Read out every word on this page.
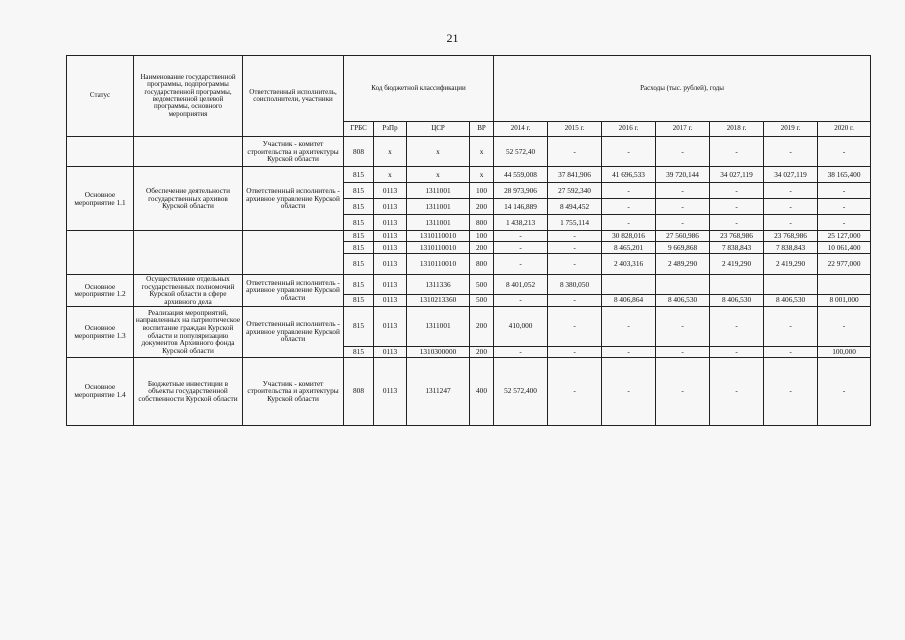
21
Статус	Наименование государственной программы, подпрограммы государственной программы, ведомственной целевой программы, основного мероприятия	Ответственный исполнитель, соисполнители, участники	Код бюджетной классификации				Расходы (тыс. рублей), годы						
			ГРБС	РзПр	ЦСР	ВР	2014 г.	2015 г.	2016 г.	2017 г.	2018 г.	2019 г.	2020 г.
		Участник - комитет строительства и архитектуры Курской области	808	х	х	х	52 572,40	-	-	-	-	-	-
Основное мероприятие 1.1	Обеспечение деятельности государственных архивов Курской области	Ответственный исполнитель - архивное управление Курской области	815	х	х	х	44 559,008	37 841,906	41 696,533	39 720,144	34 027,119	34 027,119	38 165,400
			815	0113	1311001	100	28 973,906	27 592,340	-	-	-	-	-
			815	0113	1311001	200	14 146,889	8 494,452	-	-	-	-	-
			815	0113	1311001	800	1 438,213	1 755,114	-	-	-	-	-
			815	0113	1310110010	100	-	-	30 828,016	27 560,986	23 768,986	23 768,986	25 127,000
			815	0113	1310110010	200	-	-	8 465,201	9 669,868	7 838,843	7 838,843	10 061,400
			815	0113	1310110010	800	-	-	2 403,316	2 489,290	2 419,290	2 419,290	22 977,000
Основное мероприятие 1.2	Осуществление отдельных государственных полномочий Курской области в сфере архивного дела	Ответственный исполнитель - архивное управление Курской области	815	0113	1311336	500	8 401,052	8 380,050					
			815	0113	1310213360	500	-	-	8 406,864	8 406,530	8 406,530	8 406,530	8 001,000
Основное мероприятие 1.3	Реализация мероприятий, направленных на патриотическое воспитание граждан Курской области и популяризацию документов Архивного фонда Курской области	Ответственный исполнитель - архивное управление Курской области	815	0113	1311001	200	410,000	-	-	-	-	-	-
			815	0113	1310300000	200	-	-	-	-	-	-	100,000
Основное мероприятие 1.4	Бюджетные инвестиции в объекты государственной собственности Курской области	Участник - комитет строительства и архитектуры Курской области	808	0113	1311247	400	52 572,400	-	-	-	-	-	-
